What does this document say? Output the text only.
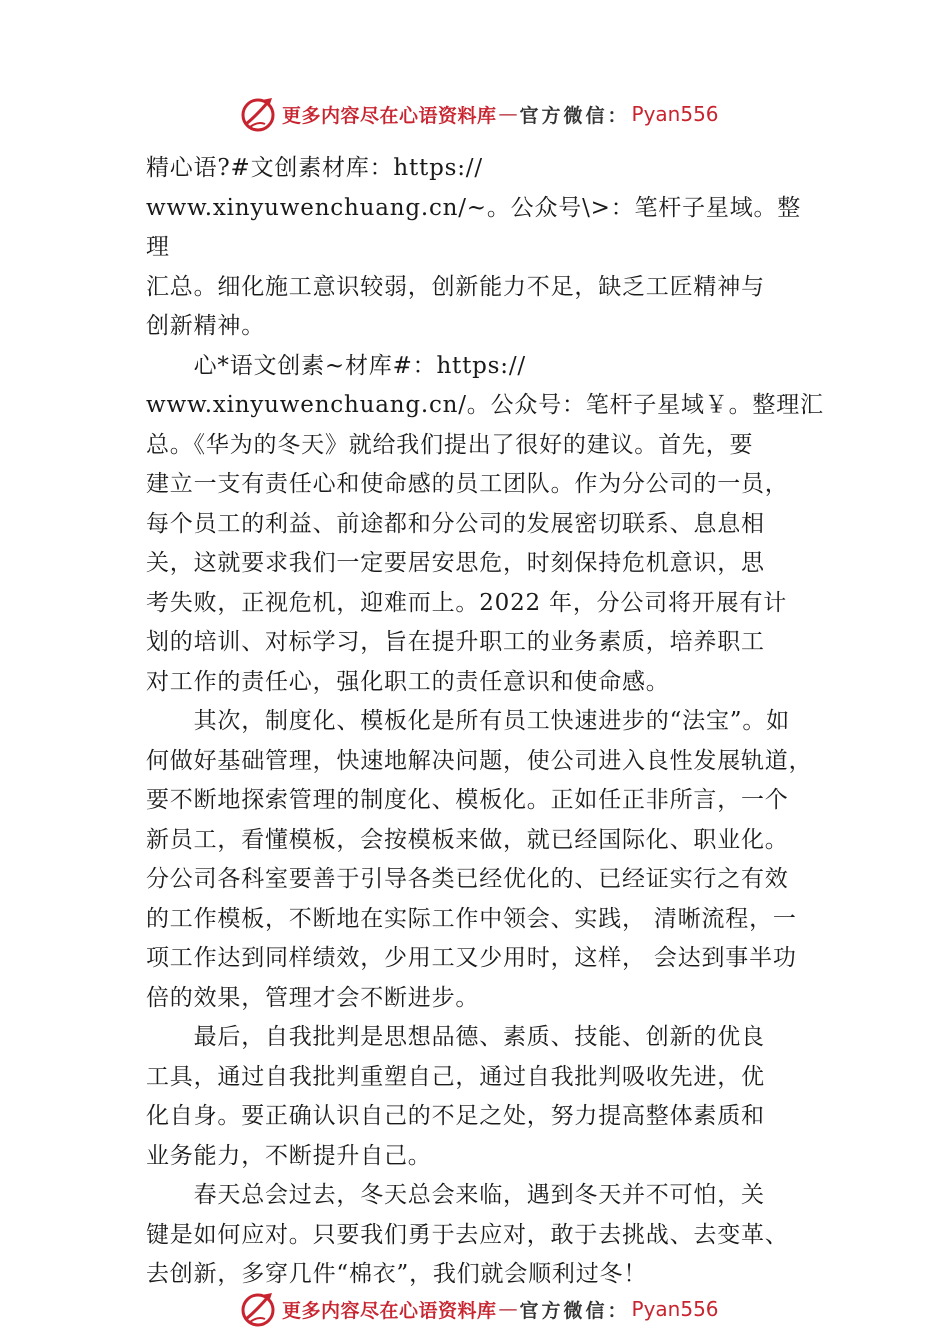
更多内容尽在心语资料库 — 官方微信： Pyan556

精心语?#文创素材库：https://
www.xinyuwenchuang.cn/~。公众号\>：笔杆子星域。整理
汇总。细化施工意识较弱，创新能力不足，缺乏工匠精神与
创新精神。

　　心*语文创素~材库#：https://
www.xinyuwenchuang.cn/。公众号：笔杆子星域￥。整理汇
总。《华为的冬天》就给我们提出了很好的建议。首先，要
建立一支有责任心和使命感的员工团队。作为分公司的一员，
每个员工的利益、前途都和分公司的发展密切联系、息息相
关，这就要求我们一定要居安思危，时刻保持危机意识，思
考失败，正视危机，迎难而上。2022 年，分公司将开展有计
划的培训、对标学习，旨在提升职工的业务素质，培养职工
对工作的责任心，强化职工的责任意识和使命感。

　　其次，制度化、模板化是所有员工快速进步的“法宝”。如
何做好基础管理，快速地解决问题，使公司进入良性发展轨道，
要不断地探索管理的制度化、模板化。正如任正非所言，一个
新员工，看懂模板，会按模板来做，就已经国际化、职业化。
分公司各科室要善于引导各类已经优化的、已经证实行之有效
的工作模板，不断地在实际工作中领会、实践， 清晰流程，一
项工作达到同样绩效，少用工又少用时，这样， 会达到事半功
倍的效果，管理才会不断进步。

　　最后，自我批判是思想品德、素质、技能、创新的优良
工具，通过自我批判重塑自己，通过自我批判吸收先进，优
化自身。要正确认识自己的不足之处，努力提高整体素质和
业务能力，不断提升自己。

　　春天总会过去，冬天总会来临，遇到冬天并不可怕，关
键是如何应对。只要我们勇于去应对，敢于去挑战、去变革、
去创新，多穿几件“棉衣”，我们就会顺利过冬！

更多内容尽在心语资料库 — 官方微信： Pyan556
